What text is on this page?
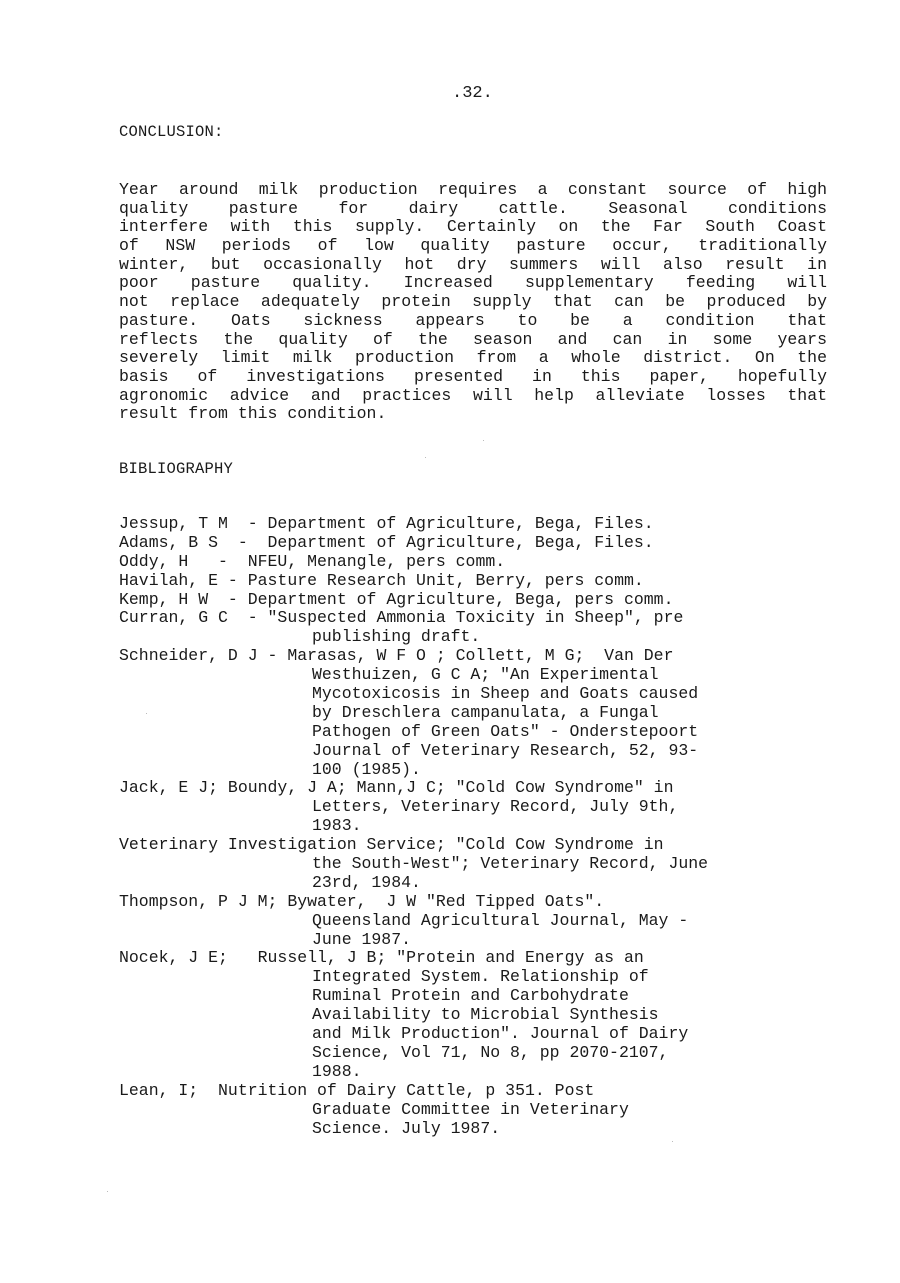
.32.
CONCLUSION:
Year around milk production requires a constant source of high
quality pasture for dairy cattle. Seasonal conditions
interfere with this supply. Certainly on the Far South Coast
of NSW periods of low quality pasture occur, traditionally
winter, but occasionally hot dry summers will also result in
poor pasture quality. Increased supplementary feeding will
not replace adequately protein supply that can be produced by
pasture. Oats sickness appears to be a condition that
reflects the quality of the season and can in some years
severely limit milk production from a whole district. On the
basis of investigations presented in this paper, hopefully
agronomic advice and practices will help alleviate losses that
result from this condition.
BIBLIOGRAPHY
Jessup, T M  - Department of Agriculture, Bega, Files.
Adams, B S  -  Department of Agriculture, Bega, Files.
Oddy, H   -  NFEU, Menangle, pers comm.
Havilah, E - Pasture Research Unit, Berry, pers comm.
Kemp, H W  - Department of Agriculture, Bega, pers comm.
Curran, G C  - "Suspected Ammonia Toxicity in Sheep", pre
publishing draft.
Schneider, D J - Marasas, W F O ; Collett, M G;  Van Der
Westhuizen, G C A; "An Experimental
Mycotoxicosis in Sheep and Goats caused
by Dreschlera campanulata, a Fungal
Pathogen of Green Oats" - Onderstepoort
Journal of Veterinary Research, 52, 93-
100 (1985).
Jack, E J; Boundy, J A; Mann,J C; "Cold Cow Syndrome" in
Letters, Veterinary Record, July 9th,
1983.
Veterinary Investigation Service; "Cold Cow Syndrome in
the South-West"; Veterinary Record, June
23rd, 1984.
Thompson, P J M; Bywater,  J W "Red Tipped Oats".
Queensland Agricultural Journal, May -
June 1987.
Nocek, J E;   Russell, J B; "Protein and Energy as an
Integrated System. Relationship of
Ruminal Protein and Carbohydrate
Availability to Microbial Synthesis
and Milk Production". Journal of Dairy
Science, Vol 71, No 8, pp 2070-2107,
1988.
Lean, I;  Nutrition of Dairy Cattle, p 351. Post
Graduate Committee in Veterinary
Science. July 1987.
